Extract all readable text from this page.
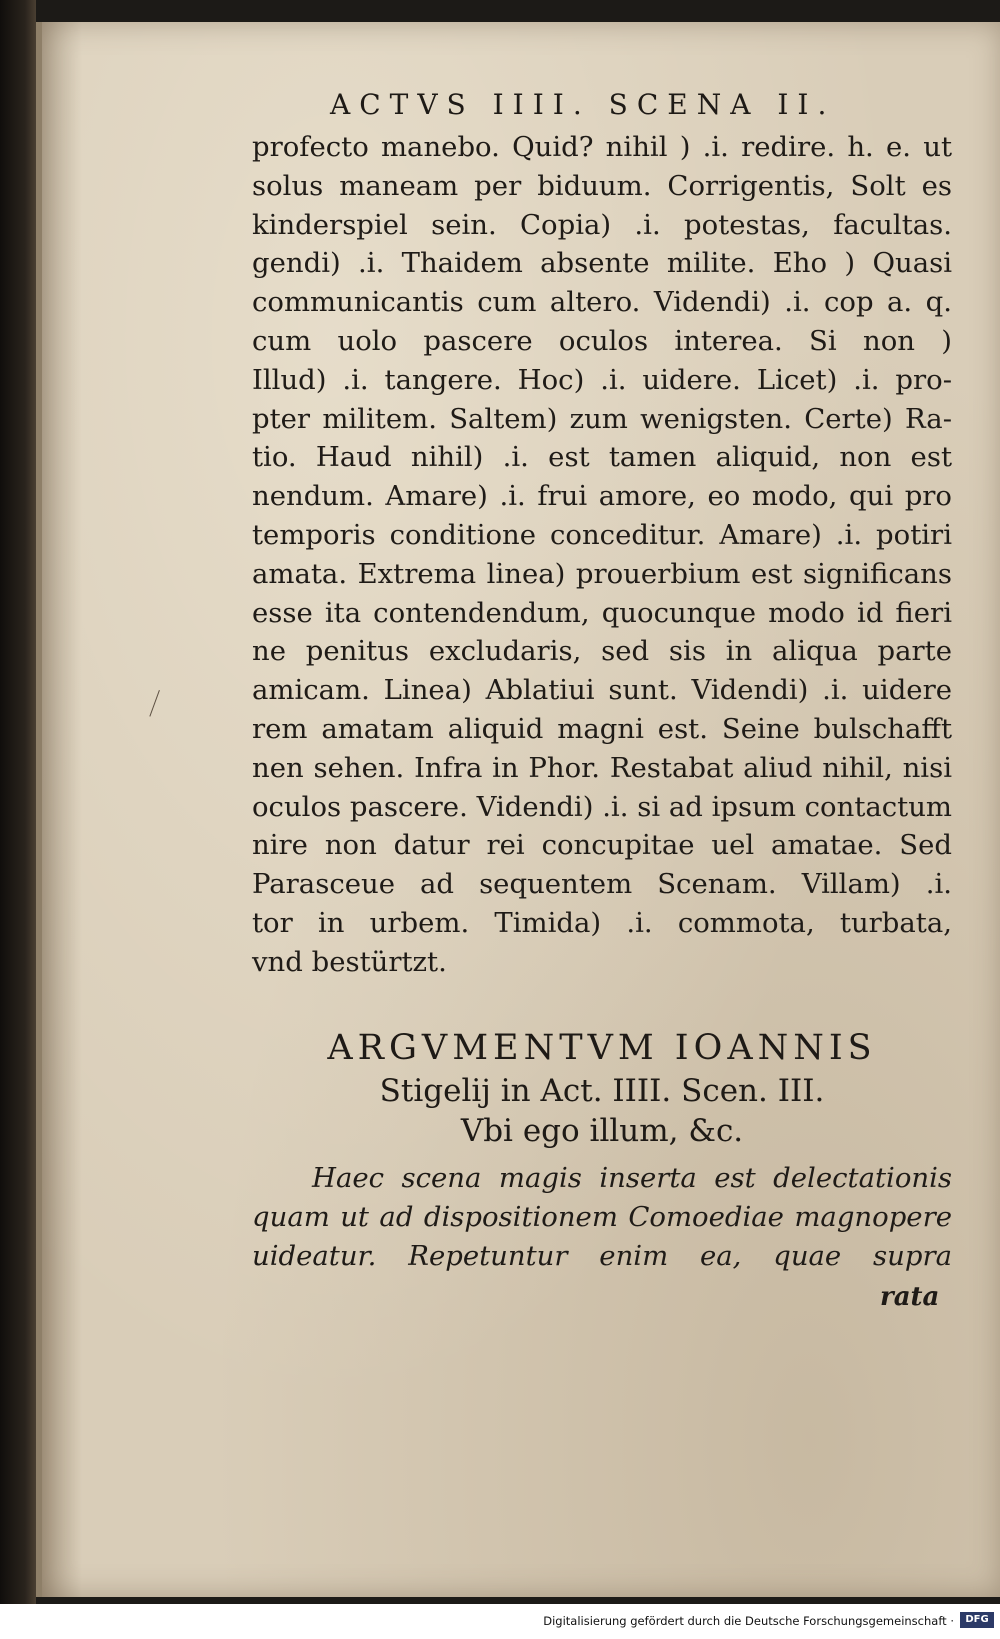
ACTVS IIII. SCENA II.
profecto manebo. Quid? nihil ) .i. redire. h. e. ut
solus maneam per biduum. Corrigentis, Solt es
kinderspiel sein. Copia) .i. potestas, facultas.
gendi) .i. Thaidem absente milite. Eho ) Quasi
communicantis cum altero. Videndi) .i. cop a. q.
cum uolo pascere oculos interea. Si non )
Illud) .i. tangere. Hoc) .i. uidere. Licet) .i. pro-
pter militem. Saltem) zum wenigsten. Certe) Ra-
tio. Haud nihil) .i. est tamen aliquid, non est
nendum. Amare) .i. frui amore, eo modo, qui pro
temporis conditione conceditur. Amare) .i. potiri
amata. Extrema linea) prouerbium est significans
esse ita contendendum, quocunque modo id fieri
ne penitus excludaris, sed sis in aliqua parte
amicam. Linea) Ablatiui sunt. Videndi) .i. uidere
rem amatam aliquid magni est. Seine bulschafft
nen sehen. Infra in Phor. Restabat aliud nihil, nisi
oculos pascere. Videndi) .i. si ad ipsum contactum
nire non datur rei concupitae uel amatae. Sed
Parasceue ad sequentem Scenam. Villam) .i.
tor in urbem. Timida) .i. commota, turbata,
vnd bestürtzt.
ARGVMENTVM IOANNIS
Stigelij in Act. IIII. Scen. III.
Vbi ego illum, &c.
Haec scena magis inserta est delectationis
quam ut ad dispositionem Comoediae magnopere
uideatur. Repetuntur enim ea, quae supra
rata
Digitalisierung gefördert durch die Deutsche Forschungsgemeinschaft ·	DFG
